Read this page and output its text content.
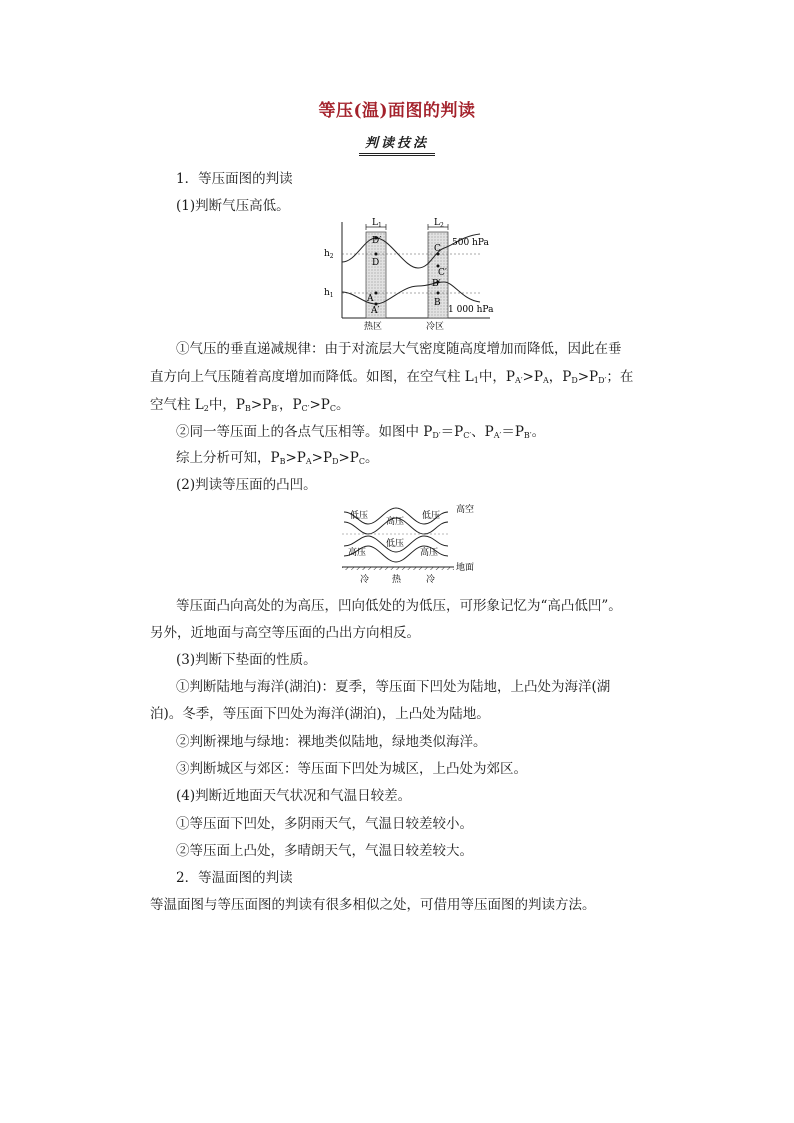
等压(温)面图的判读
判读技法
1．等压面图的判读
(1)判断气压高低。
$L_1$	$L_2$
$h_2$
$h_1$
D′
D
A
A′
C
C′
B′
B
500 hPa
1 000 hPa
热区	冷区
①气压的垂直递减规律：由于对流层大气密度随高度增加而降低，因此在垂
直方向上气压随着高度增加而降低。如图，在空气柱 $L_1$中，$P_{A'}>P_A$，$P_D>P_{D'}$；在
空气柱 $L_2$中，$P_B>P_{B'}$，$P_{C'}>P_C$。
②同一等压面上的各点气压相等。如图中 $P_{D'}=P_{C'}$、$P_{A'}=P_{B'}$。
综上分析可知，$P_B>P_A>P_D>P_C$。
(2)判读等压面的凸凹。
低压
高压
低压
高空
高压
低压
高压
地面
冷	热	冷
等压面凸向高处的为高压，凹向低处的为低压，可形象记忆为“高凸低凹”。
另外，近地面与高空等压面的凸出方向相反。
(3)判断下垫面的性质。
①判断陆地与海洋(湖泊)：夏季，等压面下凹处为陆地，上凸处为海洋(湖
泊)。冬季，等压面下凹处为海洋(湖泊)，上凸处为陆地。
②判断裸地与绿地：裸地类似陆地，绿地类似海洋。
③判断城区与郊区：等压面下凹处为城区，上凸处为郊区。
(4)判断近地面天气状况和气温日较差。
①等压面下凹处，多阴雨天气，气温日较差较小。
②等压面上凸处，多晴朗天气，气温日较差较大。
2．等温面图的判读
等温面图与等压面图的判读有很多相似之处，可借用等压面图的判读方法。
